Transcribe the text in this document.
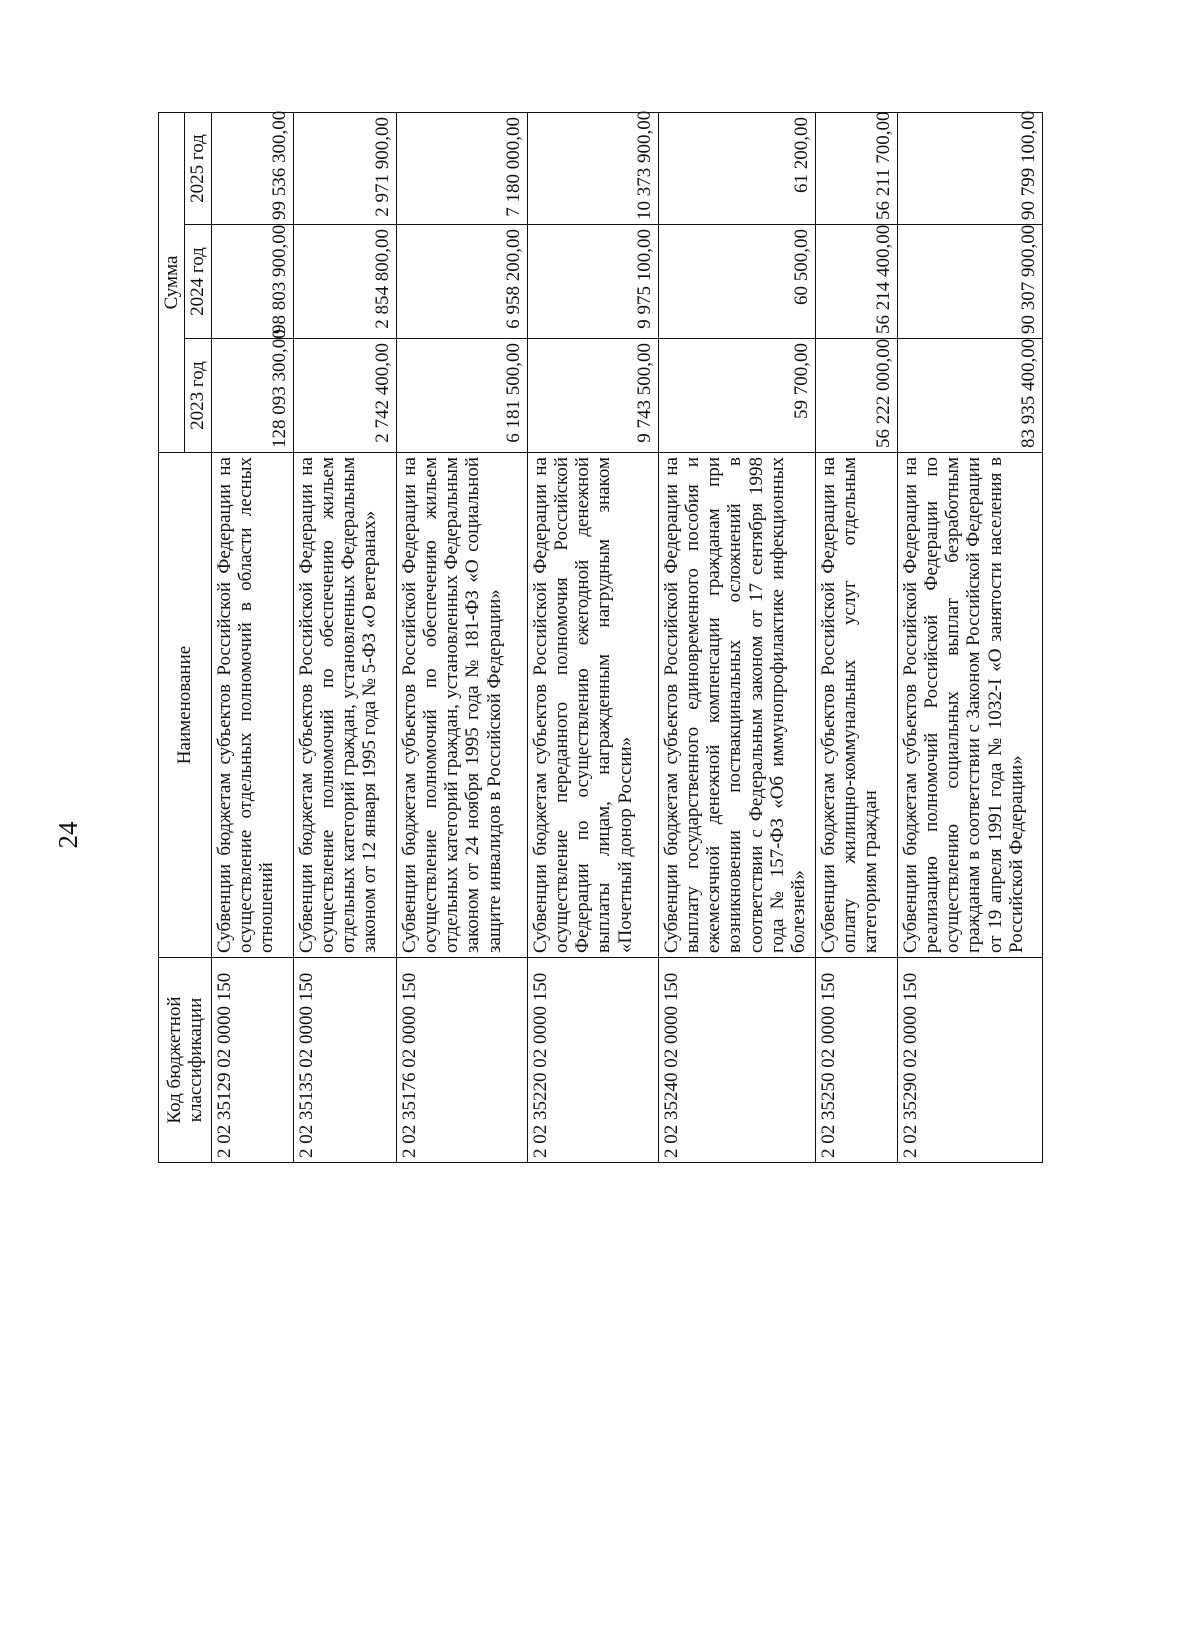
24
Код бюджетной классификации	Наименование	Сумма		
		2023 год	2024 год	2025 год
2 02 35129 02 0000 150	Субвенции бюджетам субъектов Российской Федерации на осуществление отдельных полномочий в области лесных отношений	128 093 300,00	98 803 900,00	99 536 300,00
2 02 35135 02 0000 150	Субвенции бюджетам субъектов Российской Федерации на осуществление полномочий по обеспечению жильем отдельных категорий граждан, установленных Федеральным законом от 12 января 1995 года № 5-ФЗ «О ветеранах»	2 742 400,00	2 854 800,00	2 971 900,00
2 02 35176 02 0000 150	Субвенции бюджетам субъектов Российской Федерации на осуществление полномочий по обеспечению жильем отдельных категорий граждан, установленных Федеральным законом от 24 ноября 1995 года № 181-ФЗ «О социальной защите инвалидов в Российской Федерации»	6 181 500,00	6 958 200,00	7 180 000,00
2 02 35220 02 0000 150	Субвенции бюджетам субъектов Российской Федерации на осуществление переданного полномочия Российской Федерации по осуществлению ежегодной денежной выплаты лицам, награжденным нагрудным знаком «Почетный донор России»	9 743 500,00	9 975 100,00	10 373 900,00
2 02 35240 02 0000 150	Субвенции бюджетам субъектов Российской Федерации на выплату государственного единовременного пособия и ежемесячной денежной компенсации гражданам при возникновении поствакцинальных осложнений в соответствии с Федеральным законом от 17 сентября 1998 года № 157-ФЗ «Об иммунопрофилактике инфекционных болезней»	59 700,00	60 500,00	61 200,00
2 02 35250 02 0000 150	Субвенции бюджетам субъектов Российской Федерации на оплату жилищно-коммунальных услуг отдельным категориям граждан	56 222 000,00	56 214 400,00	56 211 700,00
2 02 35290 02 0000 150	Субвенции бюджетам субъектов Российской Федерации на реализацию полномочий Российской Федерации по осуществлению социальных выплат безработным гражданам в соответствии с Законом Российской Федерации от 19 апреля 1991 года № 1032-I «О занятости населения в Российской Федерации»	83 935 400,00	90 307 900,00	90 799 100,00
